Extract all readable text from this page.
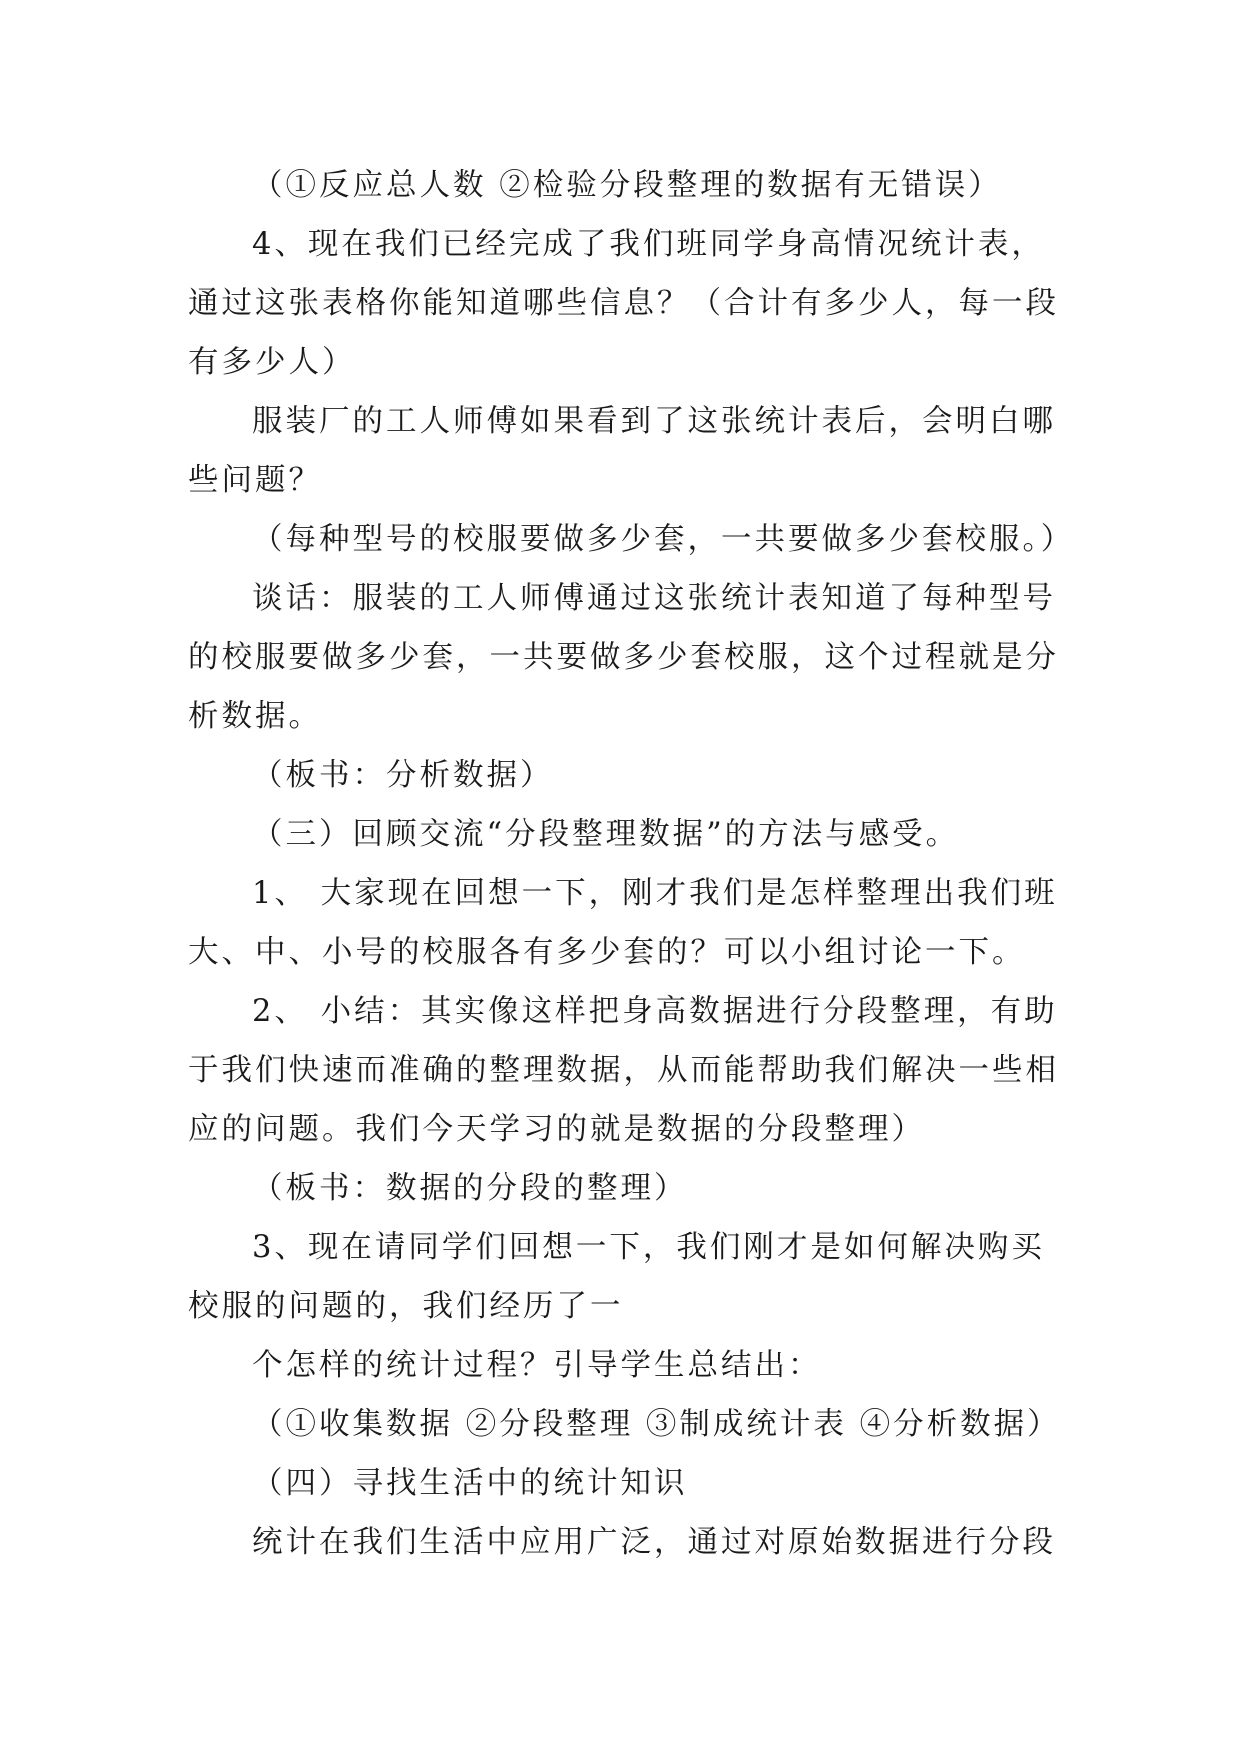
（①反应总人数 ②检验分段整理的数据有无错误）
4、现在我们已经完成了我们班同学身高情况统计表，
通过这张表格你能知道哪些信息？（合计有多少人，每一段
有多少人）
服装厂的工人师傅如果看到了这张统计表后，会明白哪
些问题？
（每种型号的校服要做多少套，一共要做多少套校服。）
谈话：服装的工人师傅通过这张统计表知道了每种型号
的校服要做多少套，一共要做多少套校服，这个过程就是分
析数据。
（板书：分析数据）
（三）回顾交流“分段整理数据”的方法与感受。
1、 大家现在回想一下，刚才我们是怎样整理出我们班
大、中、小号的校服各有多少套的？可以小组讨论一下。
2、 小结：其实像这样把身高数据进行分段整理，有助
于我们快速而准确的整理数据，从而能帮助我们解决一些相
应的问题。我们今天学习的就是数据的分段整理）
（板书：数据的分段的整理）
3、现在请同学们回想一下，我们刚才是如何解决购买
校服的问题的，我们经历了一
个怎样的统计过程？引导学生总结出：
（①收集数据 ②分段整理 ③制成统计表 ④分析数据）
（四）寻找生活中的统计知识
统计在我们生活中应用广泛，通过对原始数据进行分段
